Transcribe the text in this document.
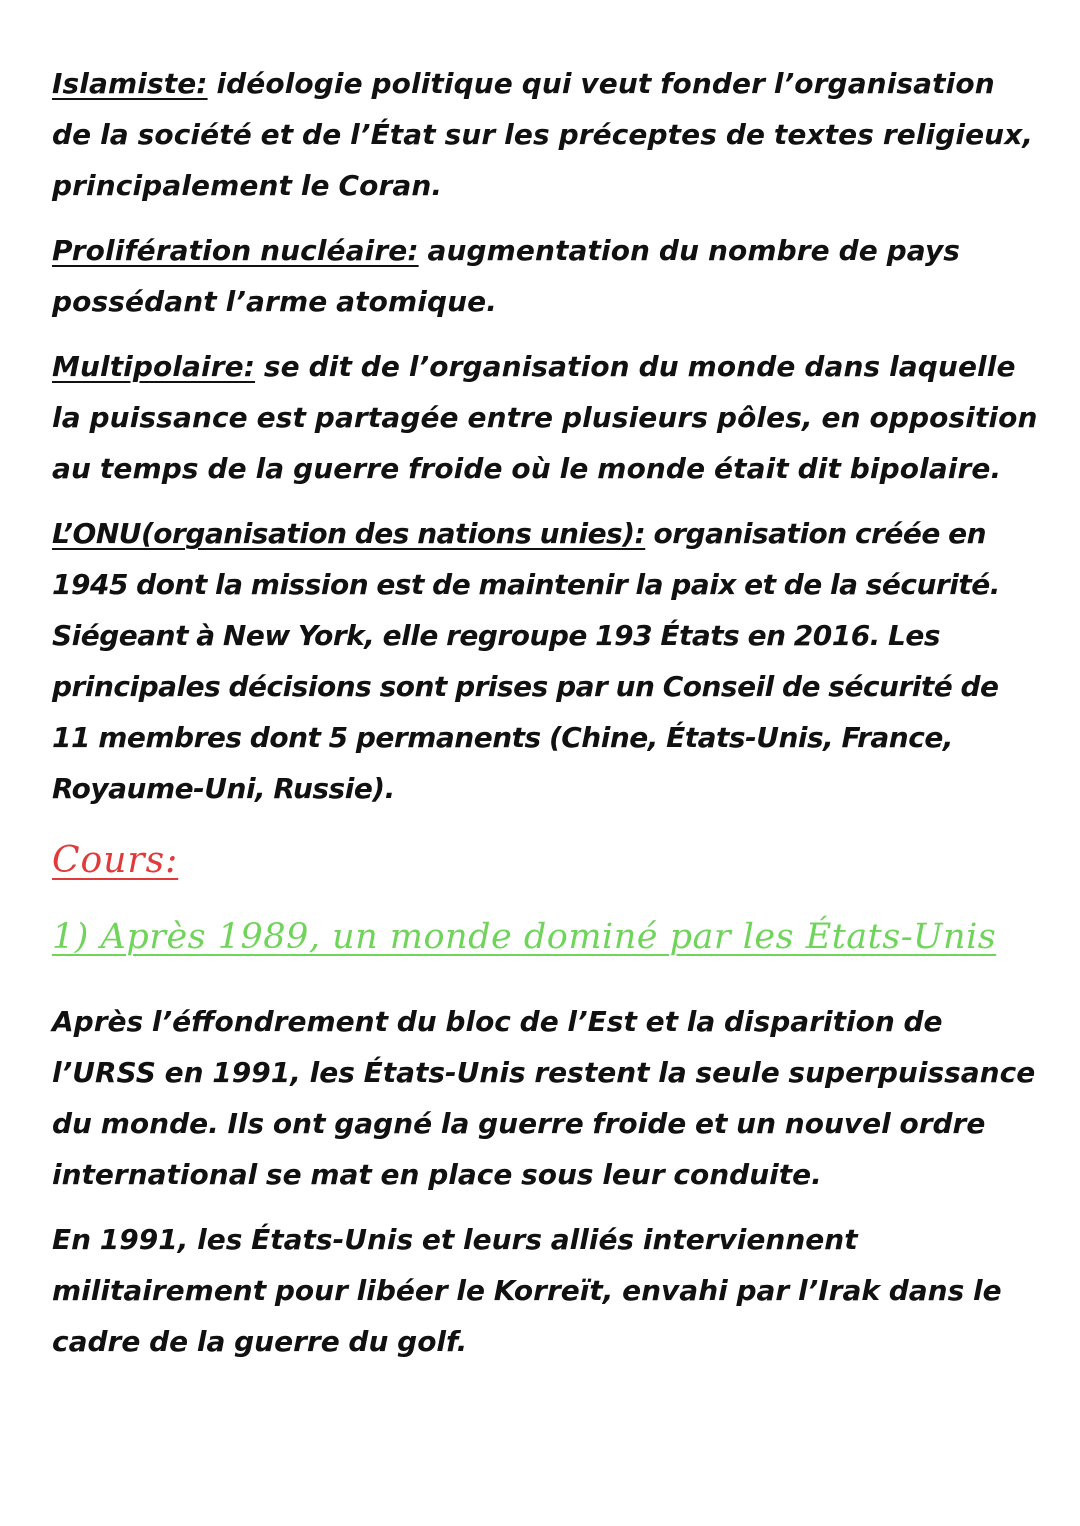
Islamiste: idéologie politique qui veut fonder l’organisation de la société et de l’État sur les préceptes de textes religieux, principalement le Coran.

Prolifération nucléaire: augmentation du nombre de pays possédant l’arme atomique.

Multipolaire: se dit de l’organisation du monde dans laquelle la puissance est partagée entre plusieurs pôles, en opposition au temps de la guerre froide où le monde était dit bipolaire.

L’ONU(organisation des nations unies): organisation créée en 1945 dont la mission est de maintenir la paix et de la sécurité. Siégeant à New York, elle regroupe 193 États en 2016. Les principales décisions sont prises par un Conseil de sécurité de 11 membres dont 5 permanents (Chine, États-Unis, France, Royaume-Uni, Russie).

Cours:
1) Après 1989, un monde dominé par les États-Unis

Après l’éffondrement du bloc de l’Est et la disparition de l’URSS en 1991, les États-Unis restent la seule superpuissance du monde. Ils ont gagné la guerre froide et un nouvel ordre international se mat en place sous leur conduite.

En 1991, les États-Unis et leurs alliés interviennent militairement pour libéer le Korreït, envahi par l’Irak dans le cadre de la guerre du golf.
